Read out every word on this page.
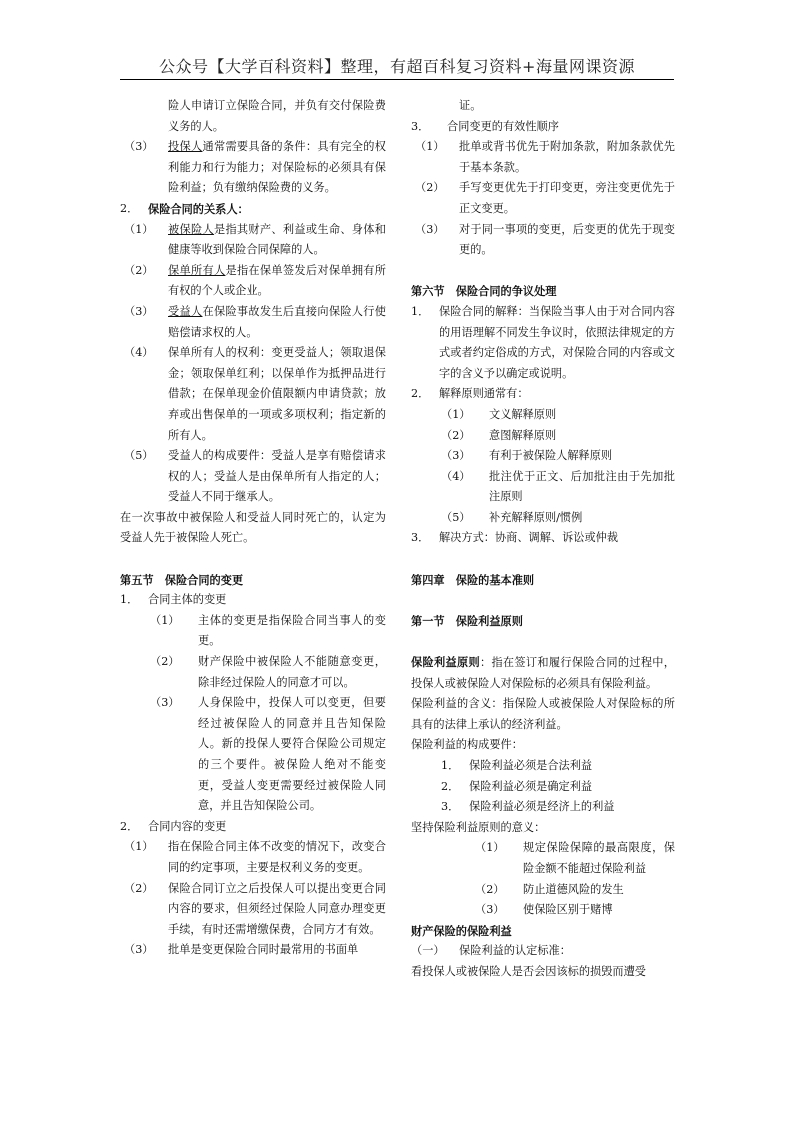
公众号【大学百科资料】整理，有超百科复习资料+海量网课资源
险人申请订立保险合同，并负有交付保险费义务的人。
（3）	投保人通常需要具备的条件：具有完全的权利能力和行为能力；对保险标的必须具有保险利益；负有缴纳保险费的义务。
2． 保险合同的关系人：
（1）	被保险人是指其财产、利益或生命、身体和健康等收到保险合同保障的人。
（2）	保单所有人是指在保单签发后对保单拥有所有权的个人或企业。
（3）	受益人在保险事故发生后直接向保险人行使赔偿请求权的人。
（4）	保单所有人的权利：变更受益人；领取退保金；领取保单红利；以保单作为抵押品进行借款；在保单现金价值限额内申请贷款；放弃或出售保单的一项或多项权利；指定新的所有人。
（5）	受益人的构成要件：受益人是享有赔偿请求权的人；受益人是由保单所有人指定的人；受益人不同于继承人。
在一次事故中被保险人和受益人同时死亡的，认定为受益人先于被保险人死亡。
第五节　保险合同的变更
1． 合同主体的变更
（1）	主体的变更是指保险合同当事人的变更。
（2）	财产保险中被保险人不能随意变更，除非经过保险人的同意才可以。
（3）	人身保险中，投保人可以变更，但要经过被保险人的同意并且告知保险人。新的投保人要符合保险公司规定的三个要件。被保险人绝对不能变更，受益人变更需要经过被保险人同意，并且告知保险公司。
2． 合同内容的变更
（1）	指在保险合同主体不改变的情况下，改变合同的约定事项，主要是权利义务的变更。
（2）	保险合同订立之后投保人可以提出变更合同内容的要求，但须经过保险人同意办理变更手续，有时还需增缴保费，合同方才有效。
（3）	批单是变更保险合同时最常用的书面单
证。
3．	合同变更的有效性顺序
（1）	批单或背书优先于附加条款，附加条款优先于基本条款。
（2）	手写变更优先于打印变更，旁注变更优先于正文变更。
（3）	对于同一事项的变更，后变更的优先于现变更的。
第六节　保险合同的争议处理
1． 保险合同的解释：当保险当事人由于对合同内容的用语理解不同发生争议时，依照法律规定的方式或者约定俗成的方式，对保险合同的内容或文字的含义予以确定或说明。
2． 解释原则通常有：
（1）	文义解释原则
（2）	意图解释原则
（3）	有利于被保险人解释原则
（4）	批注优于正文、后加批注由于先加批注原则
（5）	补充解释原则/惯例
3． 解决方式：协商、调解、诉讼或仲裁
第四章　保险的基本准则
第一节　保险利益原则
保险利益原则：指在签订和履行保险合同的过程中，投保人或被保险人对保险标的必须具有保险利益。
保险利益的含义：指保险人或被保险人对保险标的所具有的法律上承认的经济利益。
保险利益的构成要件：
1． 保险利益必须是合法利益
2． 保险利益必须是确定利益
3． 保险利益必须是经济上的利益
坚持保险利益原则的意义：
（1）	规定保险保障的最高限度，保险金额不能超过保险利益
（2）	防止道德风险的发生
（3）	使保险区别于赌博
财产保险的保险利益
（一）	保险利益的认定标准：
看投保人或被保险人是否会因该标的损毁而遭受
